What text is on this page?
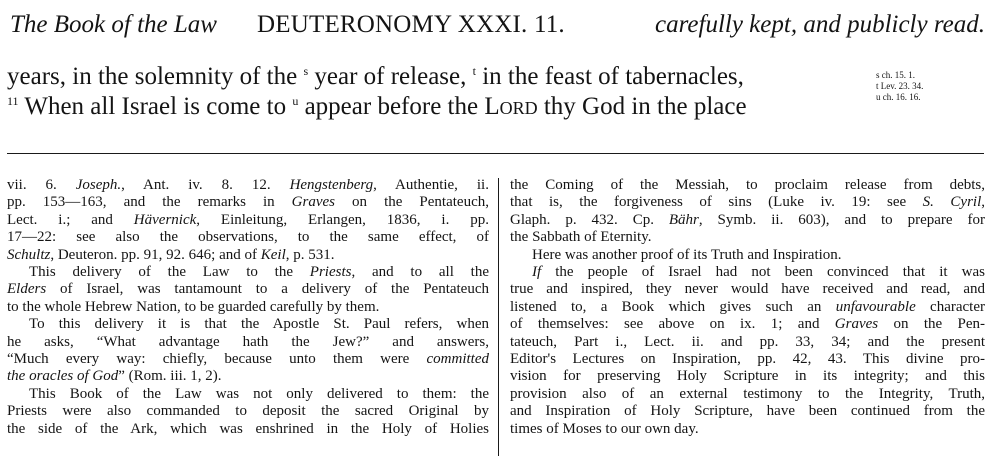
The Book of the Law DEUTERONOMY XXXI. 11.	carefully kept, and publicly read.
years, in the solemnity of the $^s$ year of release, $^t$ in the feast of tabernacles,
$^{11}$ When all Israel is come to $^u$ appear before the Lord thy God in the place
s ch. 15. 1.
t Lev. 23. 34.
u ch. 16. 16.
vii. 6. Joseph., Ant. iv. 8. 12. Hengstenberg, Authentie, ii.
pp. 153—163, and the remarks in Graves on the Pentateuch,
Lect. i.; and Hävernick, Einleitung, Erlangen, 1836, i. pp.
17—22: see also the observations, to the same effect, of
Schultz, Deuteron. pp. 91, 92. 646; and of Keil, p. 531.
This delivery of the Law to the Priests, and to all the
Elders of Israel, was tantamount to a delivery of the Pentateuch
to the whole Hebrew Nation, to be guarded carefully by them.
To this delivery it is that the Apostle St. Paul refers, when
he asks, “What advantage hath the Jew?” and answers,
“Much every way: chiefly, because unto them were committed
the oracles of God” (Rom. iii. 1, 2).
This Book of the Law was not only delivered to them: the
Priests were also commanded to deposit the sacred Original by
the side of the Ark, which was enshrined in the Holy of Holies
the Coming of the Messiah, to proclaim release from debts,
that is, the forgiveness of sins (Luke iv. 19: see S. Cyril,
Glaph. p. 432. Cp. Bähr, Symb. ii. 603), and to prepare for
the Sabbath of Eternity.
Here was another proof of its Truth and Inspiration.
If the people of Israel had not been convinced that it was
true and inspired, they never would have received and read, and
listened to, a Book which gives such an unfavourable character
of themselves: see above on ix. 1; and Graves on the Pen-
tateuch, Part i., Lect. ii. and pp. 33, 34; and the present
Editor's Lectures on Inspiration, pp. 42, 43. This divine pro-
vision for preserving Holy Scripture in its integrity; and this
provision also of an external testimony to the Integrity, Truth,
and Inspiration of Holy Scripture, have been continued from the
times of Moses to our own day.
